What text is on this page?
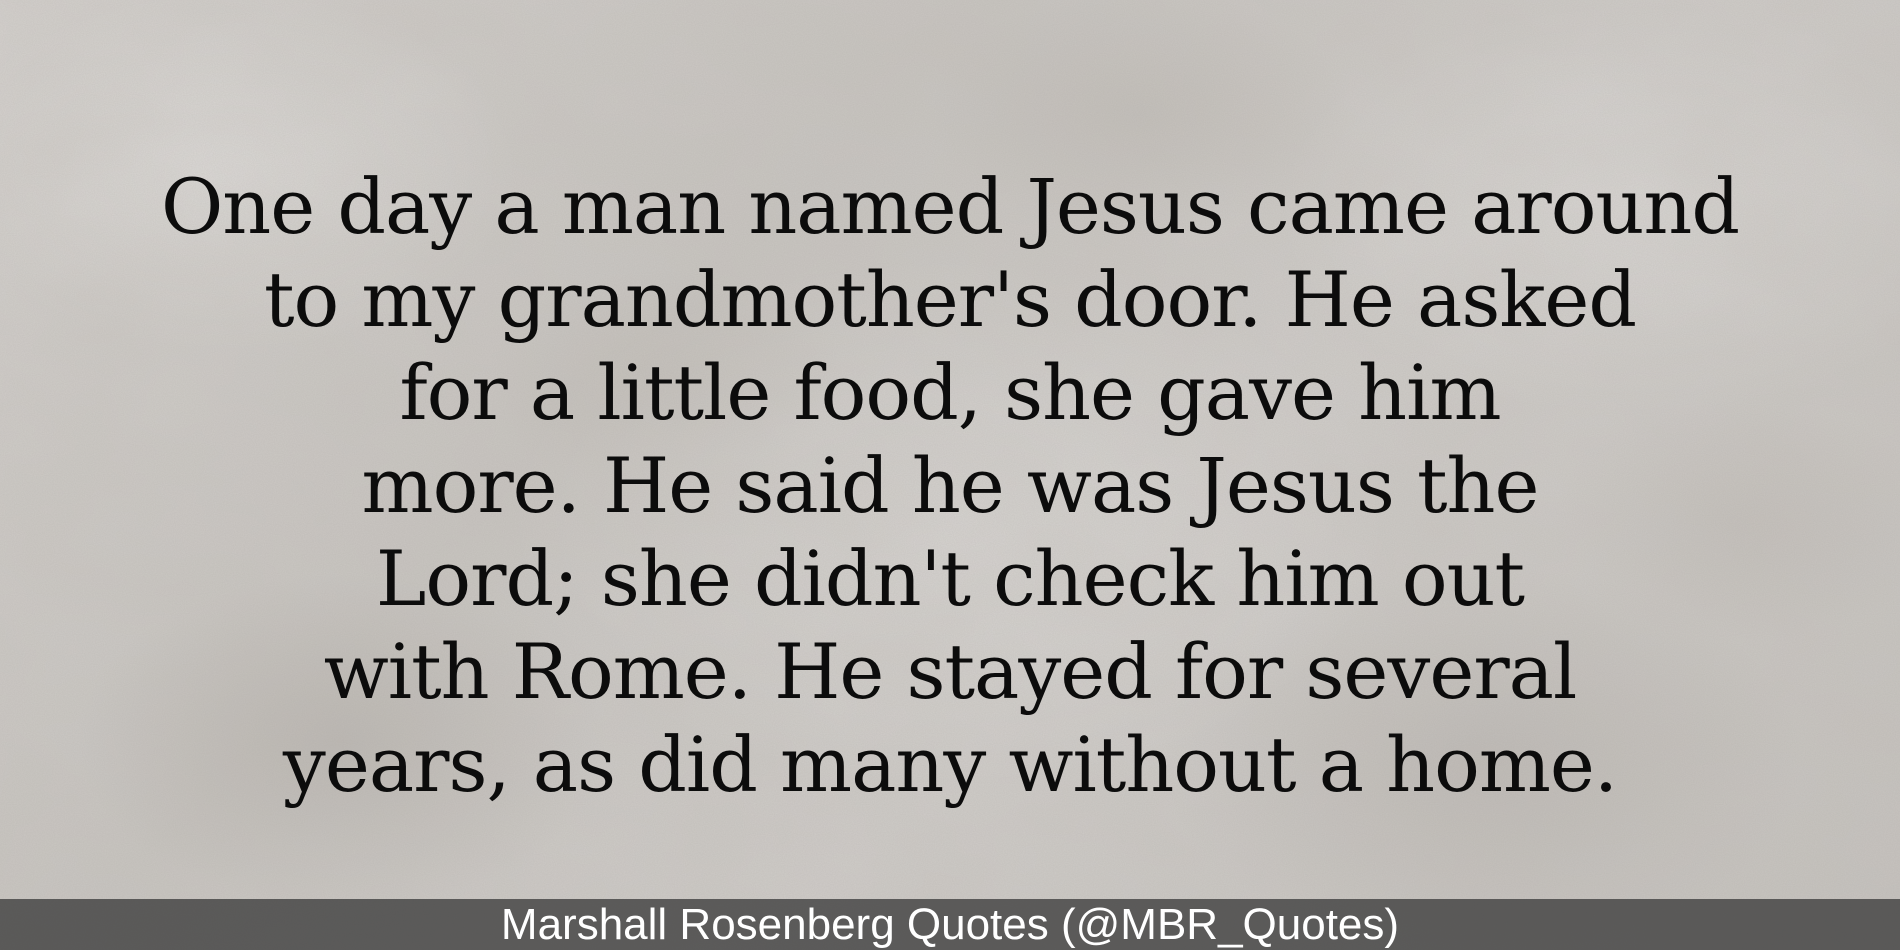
One day a man named Jesus came around
to my grandmother's door. He asked
for a little food, she gave him
more. He said he was Jesus the
Lord; she didn't check him out
with Rome. He stayed for several
years, as did many without a home.
Marshall Rosenberg Quotes (@MBR_Quotes)
